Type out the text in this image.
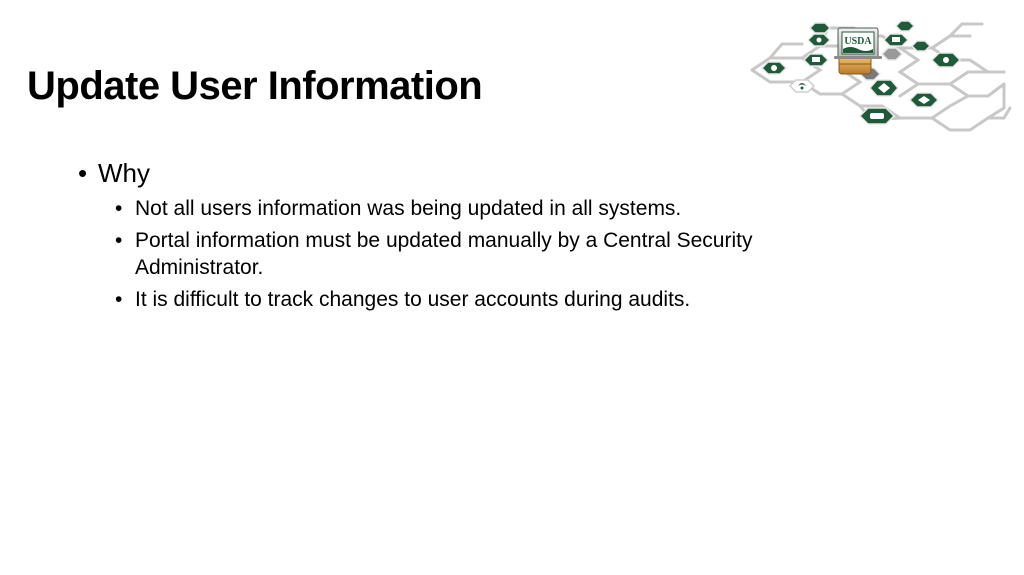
Update User Information
• Why
• Not all users information was being updated in all systems.
• Portal information must be updated manually by a Central Security Administrator.
• It is difficult to track changes to user accounts during audits.
USDA
